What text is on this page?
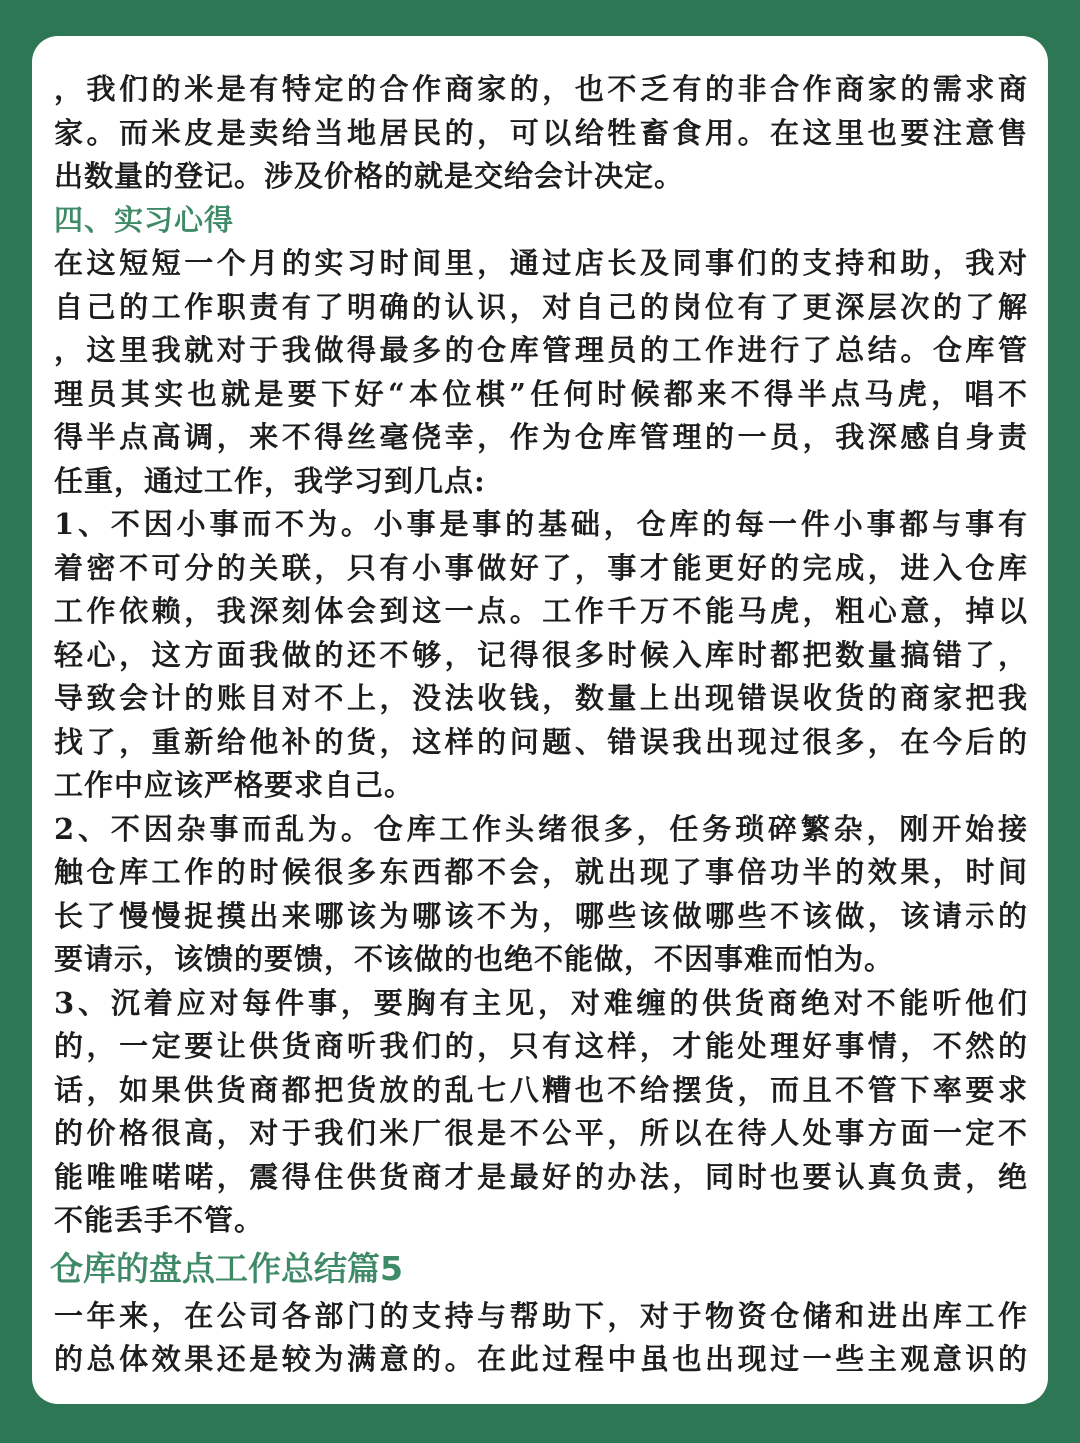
，我们的米是有特定的合作商家的，也不乏有的非合作商家的需求商
家。而米皮是卖给当地居民的，可以给牲畜食用。在这里也要注意售
出数量的登记。涉及价格的就是交给会计决定。
四、实习心得
在这短短一个月的实习时间里，通过店长及同事们的支持和助，我对
自己的工作职责有了明确的认识，对自己的岗位有了更深层次的了解
，这里我就对于我做得最多的仓库管理员的工作进行了总结。仓库管
理员其实也就是要下好“本位棋”任何时候都来不得半点马虎，唱不
得半点高调，来不得丝毫侥幸，作为仓库管理的一员，我深感自身责
任重，通过工作，我学习到几点:
1、不因小事而不为。小事是事的基础，仓库的每一件小事都与事有
着密不可分的关联，只有小事做好了，事才能更好的完成，进入仓库
工作依赖，我深刻体会到这一点。工作千万不能马虎，粗心意，掉以
轻心，这方面我做的还不够，记得很多时候入库时都把数量搞错了，
导致会计的账目对不上，没法收钱，数量上出现错误收货的商家把我
找了，重新给他补的货，这样的问题、错误我出现过很多，在今后的
工作中应该严格要求自己。
2、不因杂事而乱为。仓库工作头绪很多，任务琐碎繁杂，刚开始接
触仓库工作的时候很多东西都不会，就出现了事倍功半的效果，时间
长了慢慢捉摸出来哪该为哪该不为，哪些该做哪些不该做，该请示的
要请示，该馈的要馈，不该做的也绝不能做，不因事难而怕为。
3、沉着应对每件事，要胸有主见，对难缠的供货商绝对不能听他们
的，一定要让供货商听我们的，只有这样，才能处理好事情，不然的
话，如果供货商都把货放的乱七八糟也不给摆货，而且不管下率要求
的价格很高，对于我们米厂很是不公平，所以在待人处事方面一定不
能唯唯喏喏，震得住供货商才是最好的办法，同时也要认真负责，绝
不能丢手不管。
仓库的盘点工作总结篇5
一年来，在公司各部门的支持与帮助下，对于物资仓储和进出库工作
的总体效果还是较为满意的。在此过程中虽也出现过一些主观意识的
